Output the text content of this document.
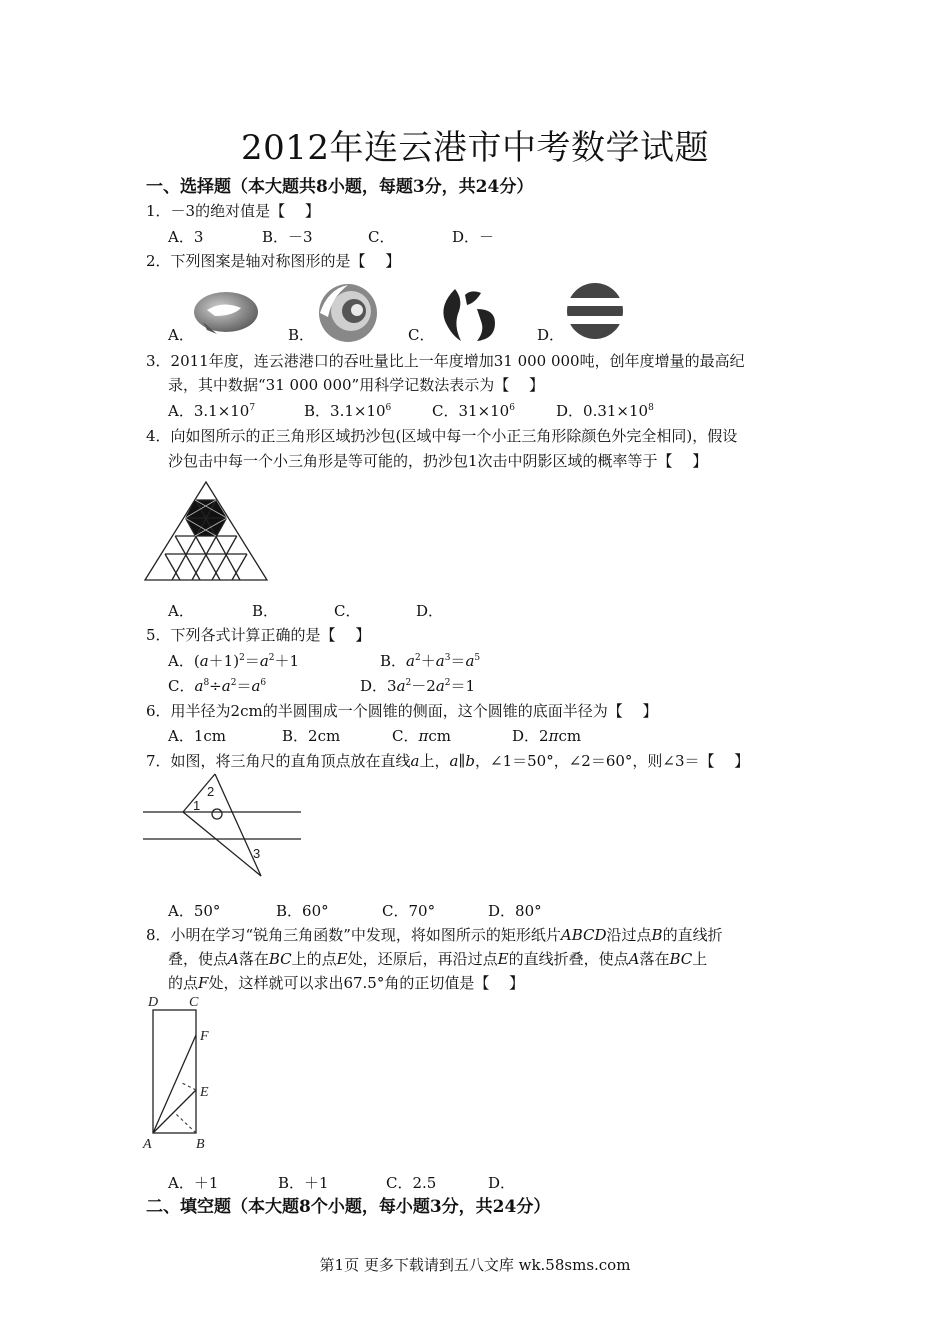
2012年连云港市中考数学试题
一、选择题（本大题共8小题，每题3分，共24分）
1．－3的绝对值是【　 】
A．3	B．－3	C．	D．－
2．下列图案是轴对称图形的是【　 】
A．	B．	C．	D．
3．2011年度，连云港港口的吞吐量比上一年度增加31 000 000吨，创年度增量的最高纪
录，其中数据“31 000 000”用科学记数法表示为【　 】
A．$3.1\times 10^7$	B．$3.1\times 10^6$	C．$31\times 10^6$	D．$0.31\times 10^8$
4．向如图所示的正三角形区域扔沙包(区域中每一个小正三角形除颜色外完全相同)，假设
沙包击中每一个小三角形是等可能的，扔沙包1次击中阴影区域的概率等于【　 】
A．	B．	C．	D．
5．下列各式计算正确的是【　 】
A．$(a+1)^2=a^2+1$	B．$a^2+a^3=a^5$
C．$a^8\div a^2=a^6$	D．$3a^2-2a^2=1$
6．用半径为2cm的半圆围成一个圆锥的侧面，这个圆锥的底面半径为【　 】
A．1cm	B．2cm	C．πcm	D．2πcm
7．如图，将三角尺的直角顶点放在直线a上，a∥b，∠1＝50°，∠2＝60°，则∠3＝【　 】
2
1
3
A．50°	B．60°	C．70°	D．80°
8．小明在学习“锐角三角函数”中发现，将如图所示的矩形纸片ABCD沿过点B的直线折
叠，使点A落在BC上的点E处，还原后，再沿过点E的直线折叠，使点A落在BC上
的点F处，这样就可以求出67.5°角的正切值是【　 】
D C
F
E
A	B
A．＋1	B．＋1	C．2.5	D．
二、填空题（本大题8个小题，每小题3分，共24分）
第1页 更多下载请到五八文库 wk.58sms.com
